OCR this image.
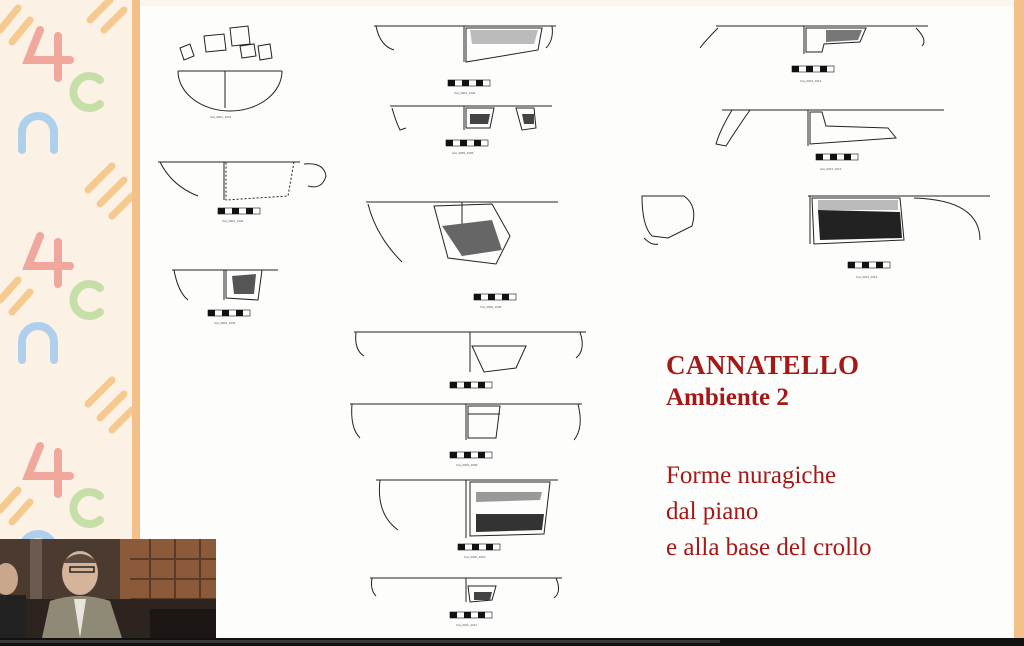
Cat_0001_1001
Cat_0002_1002
Cat_0003_1003
Cat_0004_1004
Cat_0005_1005
Cat_0006_1006
Cat_0009_1009
Cat_0010_1010
Cat_0011_1011
Cat_0012_1012
Cat_0013_1013
Cat_0014_1014
CANNATELLO
Ambiente 2
Forme nuragiche
dal piano
e alla base del crollo
